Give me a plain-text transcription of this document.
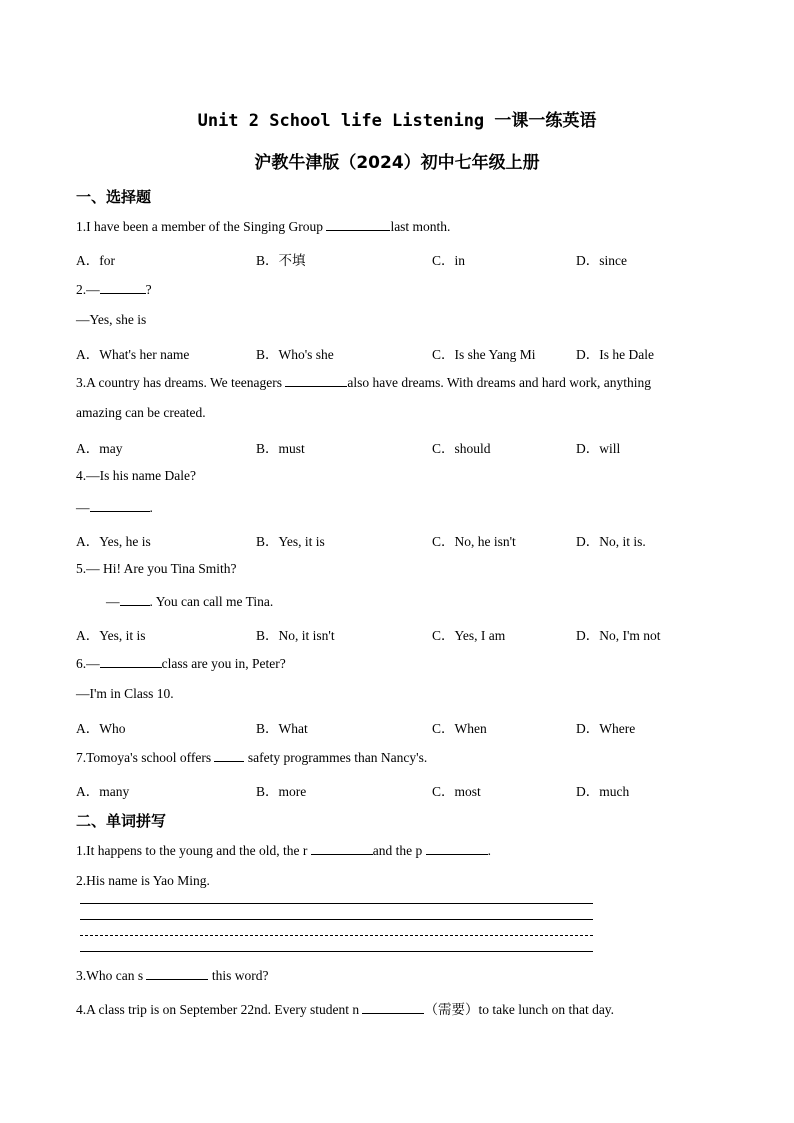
Unit 2 School life Listening 一课一练英语
沪教牛津版（2024）初中七年级上册
一、选择题
1.I have been a member of the Singing Group	last month.
A．for	B．不填	C．in	D．since
2.—	?
—Yes, she is
A．What's her name	B．Who's she	C．Is she Yang Mi	D．Is he Dale
3.A country has dreams. We teenagers	also have dreams. With dreams and hard work, anything
amazing can be created.
A．may	B．must	C．should	D．will
4.—Is his name Dale?
—	.
A．Yes, he is	B．Yes, it is	C．No, he isn't	D．No, it is.
5.— Hi! Are you Tina Smith?
— . You can call me Tina.
A．Yes, it is	B．No, it isn't	C．Yes, I am	D．No, I'm not
6.—	class are you in, Peter?
—I'm in Class 10.
A．Who	B．What	C．When	D．Where
7.Tomoya's school offers  safety programmes than Nancy's.
A．many	B．more	C．most	D．much
二、单词拼写
1.It happens to the young and the old, the r	and the p	.
2.His name is Yao Ming.
3.Who can s	this word?
4.A class trip is on September 22nd. Every student n	（需要）to take lunch on that day.
